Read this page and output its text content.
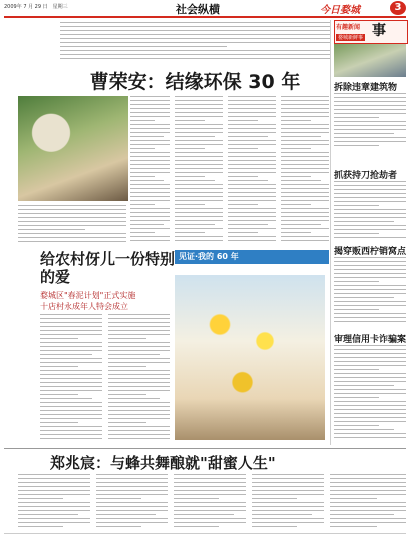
2009年 7 月 29 日　星期三	社会纵横	今日婺城	3
曹荣安：结缘环保 30 年
见证·我的 60 年
给农村伢儿一份特别的爱
婺城区"春泥计划"正式实施
十店村永成年人特会成立
有趣新闻 事
婺城新鲜事
拆除违章建筑物
抓获持刀抢劫者
揭穿贩西柠销窝点
审理信用卡诈骗案
郑兆宸：与蜂共舞酿就"甜蜜人生"
